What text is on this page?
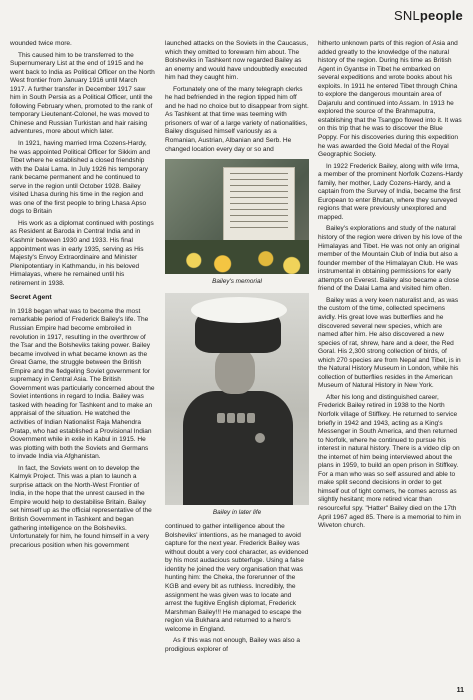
SNLpeople

wounded twice more.

This caused him to be transferred to the Supernumerary List at the end of 1915 and he went back to India as Political Officer on the North West frontier from January 1916 until March 1917. A further transfer in December 1917 saw him in South Persia as a Political Officer, until the following February when, promoted to the rank of temporary Lieutenant-Colonel, he was moved to Chinese and Russian Turkistan and hair raising adventures, more about which later.

In 1921, having married Irma Cozens-Hardy, he was appointed Political Officer for Sikkim and Tibet where he established a closed friendship with the Dalai Lama. In July 1926 his temporary rank became permanent and he continued to serve in the region until October 1928. Bailey visited Lhasa during his time in the region and was one of the first people to bring Lhasa Apso dogs to Britain

His work as a diplomat continued with postings as Resident at Baroda in Central India and in Kashmir between 1930 and 1933. His final appointment was in early 1935, serving as His Majesty's Envoy Extraordinaire and Minister Plenipotentiary in Kathmandu, in his beloved Himalayas, where he remained until his retirement in 1938.

Secret Agent

In 1918 began what was to become the most remarkable period of Frederick Bailey's life. The Russian Empire had become embroiled in revolution in 1917, resulting in the overthrow of the Tsar and the Bolsheviks taking power. Bailey became involved in what became known as the Great Game, the struggle between the British Empire and the fledgeling Soviet government for supremacy in Central Asia. The British Government was particularly concerned about the Soviet intentions in regard to India. Bailey was tasked with heading for Tashkent and to make an appraisal of the situation. He watched the activities of Indian Nationalist Raja Mahendra Pratap, who had established a Provisional Indian Government while in exile in Kabul in 1915. He was plotting with both the Soviets and Germans to invade India via Afghanistan.

In fact, the Soviets went on to develop the Kalmyk Project. This was a plan to launch a surprise attack on the North-West Frontier of India, in the hope that the unrest caused in the Empire would help to destabilise Britain. Bailey set himself up as the official representative of the British Government in Tashkent and began gathering intelligence on the Bolsheviks. Unfortunately for him, he found himself in a very precarious position when his government

launched attacks on the Soviets in the Caucasus, which they omitted to forewarn him about. The Bolsheviks in Tashkent now regarded Bailey as an enemy and would have undoubtedly executed him had they caught him.

Fortunately one of the many telegraph clerks he had befriended in the region tipped him off and he had no choice but to disappear from sight. As Tashkent at that time was teeming with prisoners of war of a large variety of nationalities, Bailey disguised himself variously as a Romanian, Austrian, Albanian and Serb. He changed location every day or so and

Bailey's memorial
Bailey in later life

continued to gather intelligence about the Bolsheviks' intentions, as he managed to avoid capture for the next year. Frederick Bailey was without doubt a very cool character, as evidenced by his most audacious subterfuge. Using a false identity he joined the very organisation that was hunting him: the Cheka, the forerunner of the KGB and every bit as ruthless. Incredibly, the assignment he was given was to locate and arrest the fugitive English diplomat, Frederick Marshman Bailey!!! He managed to escape the region via Bukhara and returned to a hero's welcome in England.

As if this was not enough, Bailey was also a prodigious explorer of

hitherto unknown parts of this region of Asia and added greatly to the knowledge of the natural history of the region. During his time as British Agent in Gyantse in Tibet he embarked on several expeditions and wrote books about his exploits. In 1911 he entered Tibet through China to explore the dangerous mountain area of Dajarulu and continued into Assam. In 1913 he explored the source of the Brahmaputra, establishing that the Tsangpo flowed into it. It was on this trip that he was to discover the Blue Poppy. For his discoveries during this expedition he was awarded the Gold Medal of the Royal Geographic Society.

In 1922 Frederick Bailey, along with wife Irma, a member of the prominent Norfolk Cozens-Hardy family, her mother, Lady Cozens-Hardy, and a captain from the Survey of India, became the first European to enter Bhutan, where they surveyed regions that were previously unexplored and mapped.

Bailey's explorations and study of the natural history of the region were driven by his love of the Himalayas and Tibet. He was not only an original member of the Mountain Club of India but also a founder member of the Himalayan Club. He was instrumental in obtaining permissions for early attempts on Everest. Bailey also became a close friend of the Dalai Lama and visited him often.

Bailey was a very keen naturalist and, as was the custom of the time, collected specimens avidly. His great love was butterflies and he discovered several new species, which are named after him. He also discovered a new species of rat, shrew, hare and a deer, the Red Goral. His 2,300 strong collection of birds, of which 270 species are from Nepal and Tibet, is in the Natural History Museum in London, while his collection of butterflies resides in the American Museum of Natural History in New York.

After his long and distinguished career, Frederick Bailey retired in 1938 to the North Norfolk village of Stiffkey. He returned to service briefly in 1942 and 1943, acting as a King's Messenger in South America, and then returned to Norfolk, where he continued to pursue his interest in natural history. There is a video clip on the internet of him being interviewed about the plans in 1959, to build an open prison in Stiffkey. For a man who was so self assured and able to make split second decisions in order to get himself out of tight corners, he comes across as slightly hesitant; more retired vicar than resourceful spy. "Hatter" Bailey died on the 17th April 1967 aged 85. There is a memorial to him in Wiveton church.

11
